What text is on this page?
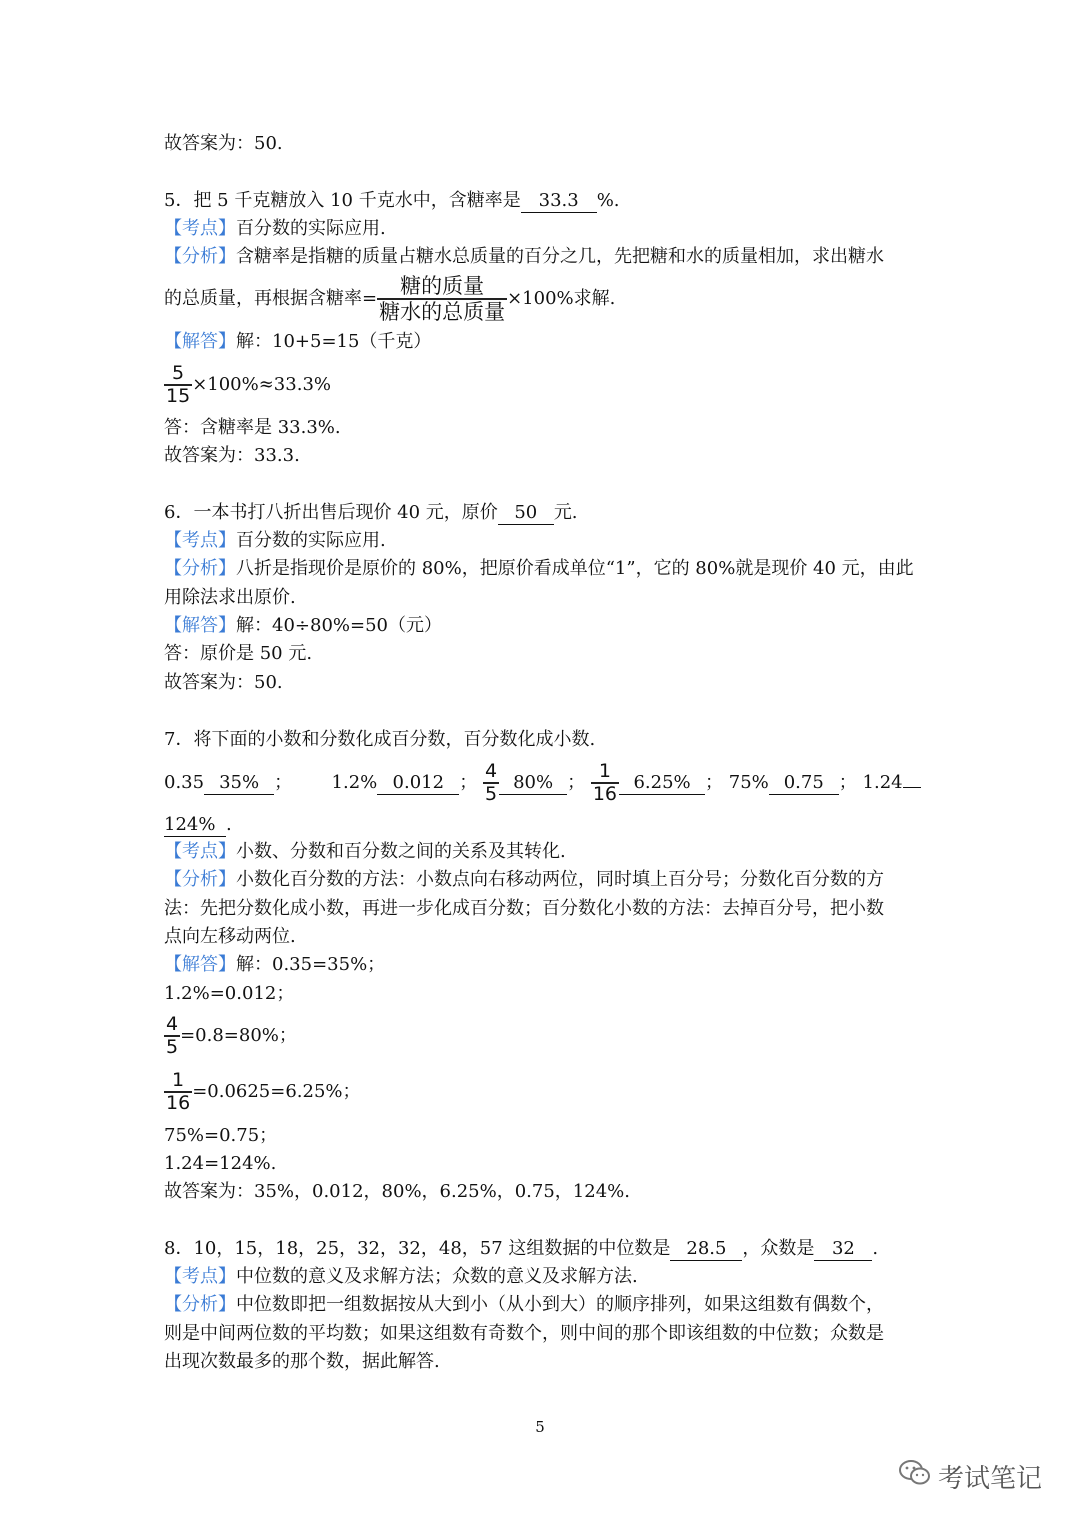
故答案为：50.
5．把 5 千克糖放入 10 千克水中，含糖率是 33.3 %.
【考点】百分数的实际应用.
【分析】含糖率是指糖的质量占糖水总质量的百分之几，先把糖和水的质量相加，求出糖水
的总质量，再根据含糖率= $\frac{\text{糖的质量}}{\text{糖水的总质量}} \times 100\%$求解.
【解答】解：10+5=15（千克）
$\frac{5}{15} \times 100\%\approx 33.3\%$
答：含糖率是 33.3%.
故答案为：33.3.
6．一本书打八折出售后现价 40 元，原价 50 元.
【考点】百分数的实际应用.
【分析】八折是指现价是原价的 80%，把原价看成单位“1”，它的 80%就是现价 40 元，由此
用除法求出原价.
【解答】解：40÷80%=50（元）
答：原价是 50 元.
故答案为：50.
7．将下面的小数和分数化成百分数，百分数化成小数.
0.35 35% ； 1.2% 0.012 ； $\frac{4}{5} 80\%$ ； $\frac{1}{16} 6.25\%$ ； 75% 0.75 ； 1.24
124% .
【考点】小数、分数和百分数之间的关系及其转化.
【分析】小数化百分数的方法：小数点向右移动两位，同时填上百分号；分数化百分数的方
法：先把分数化成小数，再进一步化成百分数；百分数化小数的方法：去掉百分号，把小数
点向左移动两位.
【解答】解：0.35=35%；
1.2%=0.012；
$\frac{4}{5} =0.8=80\%$；
$\frac{1}{16} =0.0625=6.25\%$；
75%=0.75；
1.24=124%.
故答案为：35%，0.012，80%，6.25%，0.75，124%.
8．10，15，18，25，32，32，48，57 这组数据的中位数是 28.5 ，众数是 32 .
【考点】中位数的意义及求解方法；众数的意义及求解方法.
【分析】中位数即把一组数据按从大到小（从小到大）的顺序排列，如果这组数有偶数个，
则是中间两位数的平均数；如果这组数有奇数个，则中间的那个即该组数的中位数；众数是
出现次数最多的那个数，据此解答.
5
考试笔记
